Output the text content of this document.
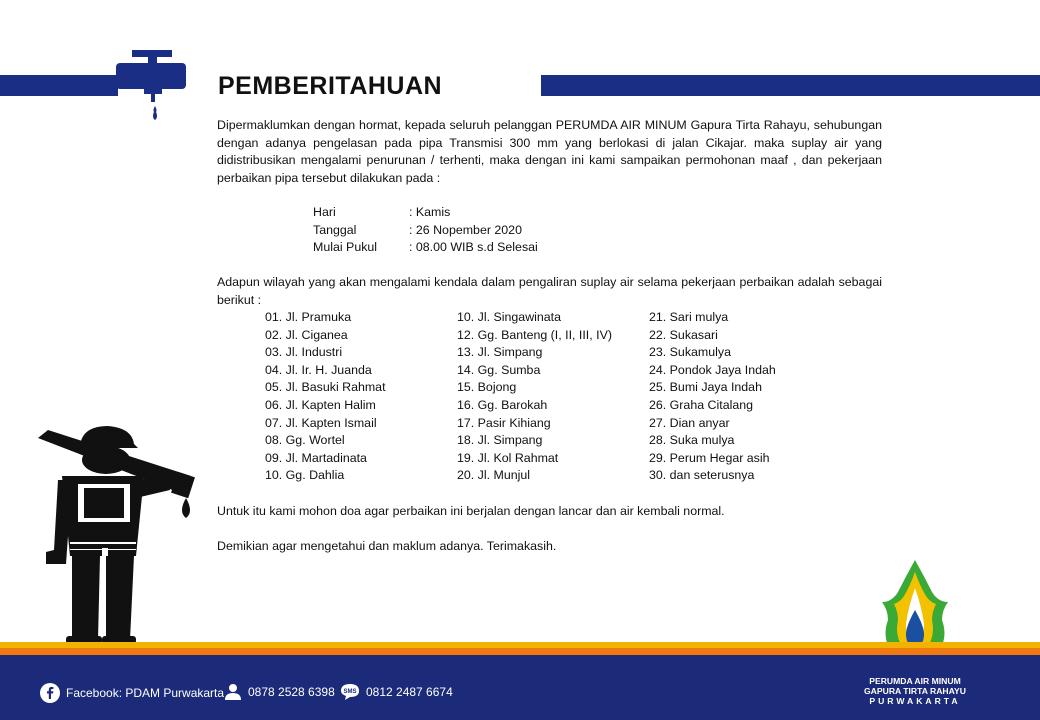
PEMBERITAHUAN

Dipermaklumkan dengan hormat, kepada seluruh pelanggan PERUMDA AIR MINUM Gapura Tirta Rahayu, sehubungan dengan adanya pengelasan pada pipa Transmisi 300 mm yang berlokasi di jalan Cikajar. maka suplay air yang didistribusikan mengalami penurunan / terhenti, maka dengan ini kami sampaikan permohonan maaf , dan pekerjaan perbaikan pipa tersebut dilakukan pada :

Hari	: Kamis
Tanggal	: 26 Nopember 2020
Mulai Pukul	: 08.00 WIB s.d Selesai

Adapun wilayah yang akan mengalami kendala dalam pengaliran suplay air selama pekerjaan perbaikan adalah sebagai berikut :

01. Jl. Pramuka
02. Jl. Ciganea
03. Jl. Industri
04. Jl. Ir. H. Juanda
05. Jl. Basuki Rahmat
06. Jl. Kapten Halim
07. Jl. Kapten Ismail
08. Gg. Wortel
09. Jl. Martadinata
10. Gg. Dahlia
10. Jl. Singawinata
12. Gg. Banteng (I, II, III, IV)
13. Jl. Simpang
14. Gg. Sumba
15. Bojong
16. Gg. Barokah
17. Pasir Kihiang
18. Jl. Simpang
19. Jl. Kol Rahmat
20. Jl. Munjul
21. Sari mulya
22. Sukasari
23. Sukamulya
24. Pondok Jaya Indah
25. Bumi Jaya Indah
26. Graha Citalang
27. Dian anyar
28. Suka mulya
29. Perum Hegar asih
30. dan seterusnya

Untuk itu kami mohon doa agar perbaikan ini berjalan dengan lancar dan air kembali normal.

Demikian agar mengetahui dan maklum adanya. Terimakasih.

Facebook: PDAM Purwakarta 0878 2528 6398 SMS 0812 2487 6674
PERUMDA AIR MINUM
GAPURA TIRTA RAHAYU
PURWAKARTA
